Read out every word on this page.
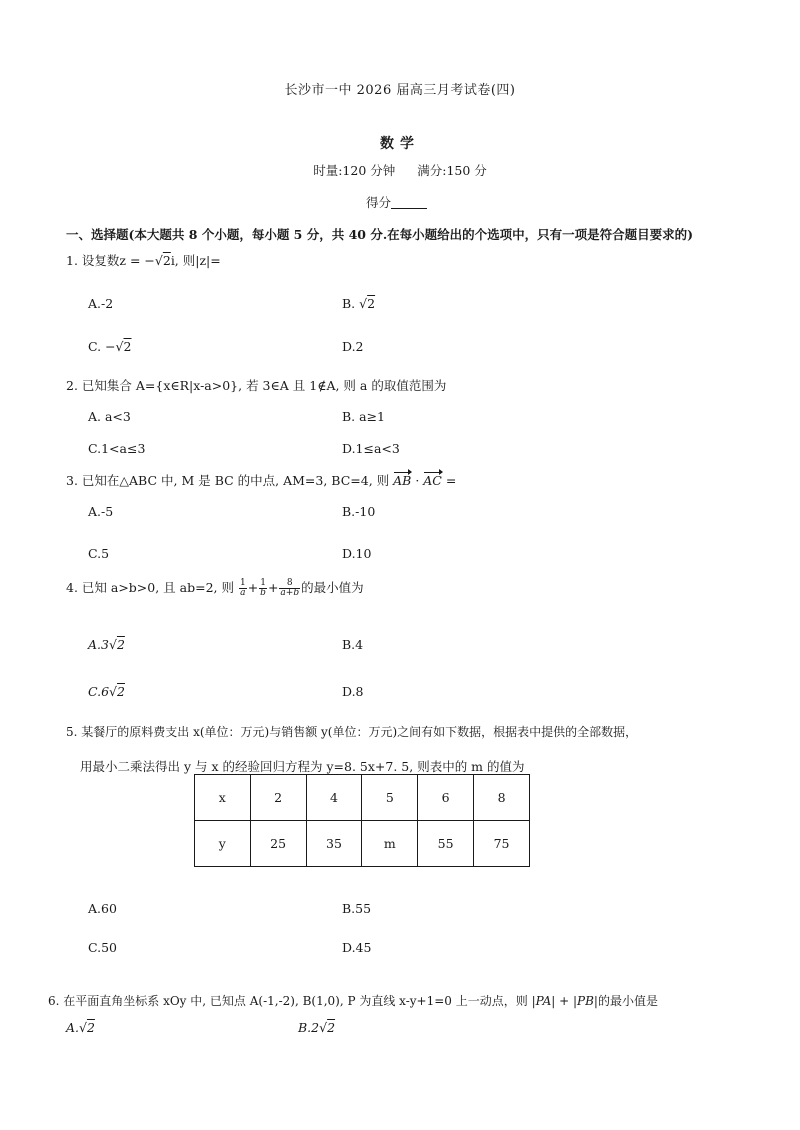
长沙市一中 2026 届高三月考试卷(四)
数学
时量:120 分钟 满分:150 分
得分
一、选择题(本大题共 8 个小题，每小题 5 分，共 40 分.在每小题给出的个选项中，只有一项是符合题目要求的)
1. 设复数z = −√2i, 则|z|=
A.-2	B. √2
C. −√2	D.2
2. 已知集合 A={x∈R|x-a>0}, 若 3∈A 且 1∉A, 则 a 的取值范围为
A. a<3	B. a≥1
C.1<a≤3	D.1≤a<3
3. 已知在△ABC 中, M 是 BC 的中点, AM=3, BC=4, 则 AB · AC =
A.-5	B.-10
C.5	D.10
4. 已知 a>b>0, 且 ab=2, 则 $\frac{1}{a} + \frac{1}{b} + \frac{8}{a+b}$ 的最小值为
A.3√2	B.4
C.6√2	D.8
5. 某餐厅的原料费支出 x(单位：万元)与销售额 y(单位：万元)之间有如下数据，根据表中提供的全部数据，
用最小二乘法得出 y 与 x 的经验回归方程为 y=8. 5x+7. 5, 则表中的 m 的值为
x	2	4	5	6	8
y	25	35	m	55	75
A.60	B.55
C.50	D.45
6. 在平面直角坐标系 xOy 中, 已知点 A(-1,-2), B(1,0), P 为直线 x-y+1=0 上一动点，则 |PA| + |PB|的最小值是
A.√2	B.2√2
